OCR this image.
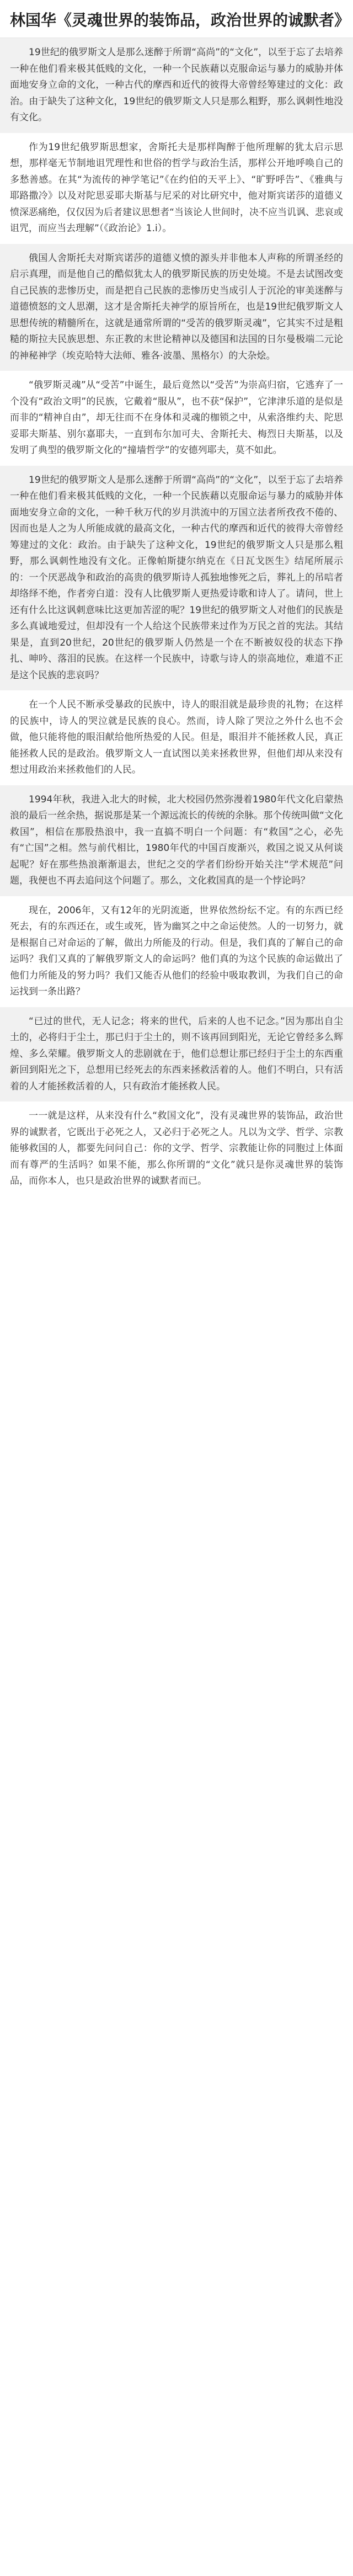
林国华《灵魂世界的装饰品，政治世界的诚默者》

19世纪的俄罗斯文人是那么迷醉于所谓“高尚”的“文化”，以至于忘了去培养一种在他们看来极其低贱的文化，一种一个民族藉以克服命运与暴力的威胁并体面地安身立命的文化，一种古代的摩西和近代的彼得大帝曾经筹建过的文化：政治。由于缺失了这种文化，19世纪的俄罗斯文人只是那么粗野，那么讽刺性地没有文化。

作为19世纪俄罗斯思想家，舍斯托夫是那样陶醉于他所理解的犹太启示思想，那样毫无节制地诅咒理性和世俗的哲学与政治生活，那样公开地呼唤自己的多愁善感。在其“为流传的神学笔记”《在约伯的天平上》、“旷野呼告”、《雅典与耶路撒冷》以及对陀思妥耶夫斯基与尼采的对比研究中，他对斯宾诺莎的道德义愤深恶痛绝，仅仅因为后者建议思想者“当该论人世间时，决不应当讥讽、悲哀或诅咒，而应当去理解”（《政治论》1.i）。

俄国人舍斯托夫对斯宾诺莎的道德义愤的源头并非他本人声称的所谓圣经的启示真理，而是他自己的酷似犹太人的俄罗斯民族的历史处境。不是去试图改变自己民族的悲惨历史，而是把自己民族的悲惨历史当成引人于沉沦的审美迷醉与道德愤怒的文人思潮，这才是舍斯托夫神学的原旨所在，也是19世纪俄罗斯文人思想传统的精髓所在，这就是通常所谓的“受苦的俄罗斯灵魂”，它其实不过是粗糙的斯拉夫民族思想、东正教的末世论精神以及德国和法国的日尔曼极端二元论的神秘神学（埃克哈特大法师、雅各·波墨、黑格尔）的大杂烩。

“俄罗斯灵魂”从“受苦”中诞生，最后竟然以“受苦”为崇高归宿，它逃弃了一个没有“政治文明”的民族，它戴着“服从”，也不获“保护”，它津津乐道的是似是而非的“精神自由”，却无往而不在身体和灵魂的枷锁之中，从索洛维约夫、陀思妥耶夫斯基、别尔嘉耶夫，一直到布尔加可夫、舍斯托夫、梅烈日夫斯基，以及发明了典型的俄罗斯文化的“撞墙哲学”的安德列耶夫，莫不如此。

19世纪的俄罗斯文人是那么迷醉于所谓“高尚”的“文化”，以至于忘了去培养一种在他们看来极其低贱的文化，一种一个民族藉以克服命运与暴力的威胁并体面地安身立命的文化，一种千秋万代的岁月洪流中的万国立法者所孜孜不倦的、因而也是人之为人所能成就的最高文化，一种古代的摩西和近代的彼得大帝曾经筹建过的文化：政治。由于缺失了这种文化，19世纪的俄罗斯文人只是那么粗野，那么讽刺性地没有文化。正像帕斯捷尔纳克在《日瓦戈医生》结尾所展示的：一个厌恶战争和政治的高贵的俄罗斯诗人孤独地惨死之后，葬礼上的吊唁者却络绎不绝，作者旁白道：没有人比俄罗斯人更热爱诗歌和诗人了。请问，世上还有什么比这讽刺意味比这更加苦涩的呢？19世纪的俄罗斯文人对他们的民族是多么真诚地爱过，但却没有一个人给这个民族带来过作为万民之首的宪法。其结果是，直到20世纪，20世纪的俄罗斯人仍然是一个在不断被奴役的状态下挣扎、呻吟、落泪的民族。在这样一个民族中，诗歌与诗人的崇高地位，难道不正是这个民族的悲哀吗？

在一个人民不断承受暴政的民族中，诗人的眼泪就是最珍贵的礼物；在这样的民族中，诗人的哭泣就是民族的良心。然而，诗人除了哭泣之外什么也不会做，他只能将他的眼泪献给他所热爱的人民。但是，眼泪并不能拯救人民，真正能拯救人民的是政治。俄罗斯文人一直试图以美来拯救世界，但他们却从来没有想过用政治来拯救他们的人民。

1994年秋，我进入北大的时候，北大校园仍然弥漫着1980年代文化启蒙热浪的最后一丝余热，据说那是某一个源远流长的传统的余脉。那个传统叫做“文化救国”，相信在那股热浪中，我一直搞不明白一个问题：有“救国”之心，必先有“亡国”之相。然与前代相比，1980年代的中国百废渐兴，救国之说又从何谈起呢？好在那些热浪渐渐退去，世纪之交的学者们纷纷开始关注“学术规范”问题，我便也不再去追问这个问题了。那么，文化救国真的是一个悖论吗？

现在，2006年，又有12年的光阴流逝，世界依然纷纭不定。有的东西已经死去，有的东西还在，或生或死，皆为幽冥之中之命运使然。人的一切努力，就是根据自己对命运的了解，做出力所能及的行动。但是，我们真的了解自己的命运吗？我们又真的了解俄罗斯文人的命运吗？他们真的为这个民族的命运做出了他们力所能及的努力吗？我们又能否从他们的经验中吸取教训，为我们自己的命运找到一条出路？

“已过的世代，无人记念；将来的世代，后来的人也不记念。”因为那出自尘土的，必将归于尘土，那已归于尘土的，则不该再回到阳光，无论它曾经多么辉煌、多么荣耀。俄罗斯文人的悲剧就在于，他们总想让那已经归于尘土的东西重新回到阳光之下，总想用已经死去的东西来拯救活着的人。他们不明白，只有活着的人才能拯救活着的人，只有政治才能拯救人民。

一一就是这样，从来没有什么“救国文化”，没有灵魂世界的装饰品，政治世界的诚默者，它既出于必死之人，又必归于必死之人。凡以为文学、哲学、宗教能够救国的人，都要先问问自己：你的文学、哲学、宗教能让你的同胞过上体面而有尊严的生活吗？如果不能，那么你所谓的“文化”就只是你灵魂世界的装饰品，而你本人，也只是政治世界的诚默者而已。
